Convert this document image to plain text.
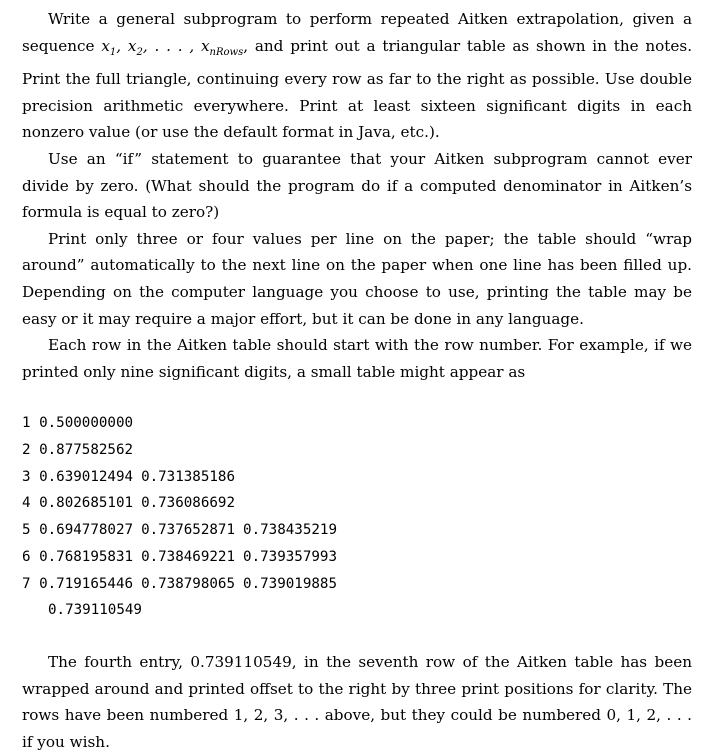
Write a general subprogram to perform repeated Aitken extrapolation, given a sequence $x_1$, $x_2$, . . . , $x_{nRows}$, and print out a triangular table as shown in the notes. Print the full triangle, continuing every row as far to the right as possible. Use double precision arithmetic everywhere. Print at least sixteen significant digits in each nonzero value (or use the default format in Java, etc.).

Use an “if” statement to guarantee that your Aitken subprogram cannot ever divide by zero. (What should the program do if a computed denominator in Aitken’s formula is equal to zero?)

Print only three or four values per line on the paper; the table should “wrap around” automatically to the next line on the paper when one line has been filled up. Depending on the computer language you choose to use, printing the table may be easy or it may require a major effort, but it can be done in any language.

Each row in the Aitken table should start with the row number. For example, if we printed only nine significant digits, a small table might appear as

1 0.500000000
2 0.877582562
3 0.639012494 0.731385186
4 0.802685101 0.736086692
5 0.694778027 0.737652871 0.738435219
6 0.768195831 0.738469221 0.739357993
7 0.719165446 0.738798065 0.739019885
0.739110549

The fourth entry, 0.739110549, in the seventh row of the Aitken table has been wrapped around and printed offset to the right by three print positions for clarity. The rows have been numbered 1, 2, 3, . . . above, but they could be numbered 0, 1, 2, . . . if you wish.
